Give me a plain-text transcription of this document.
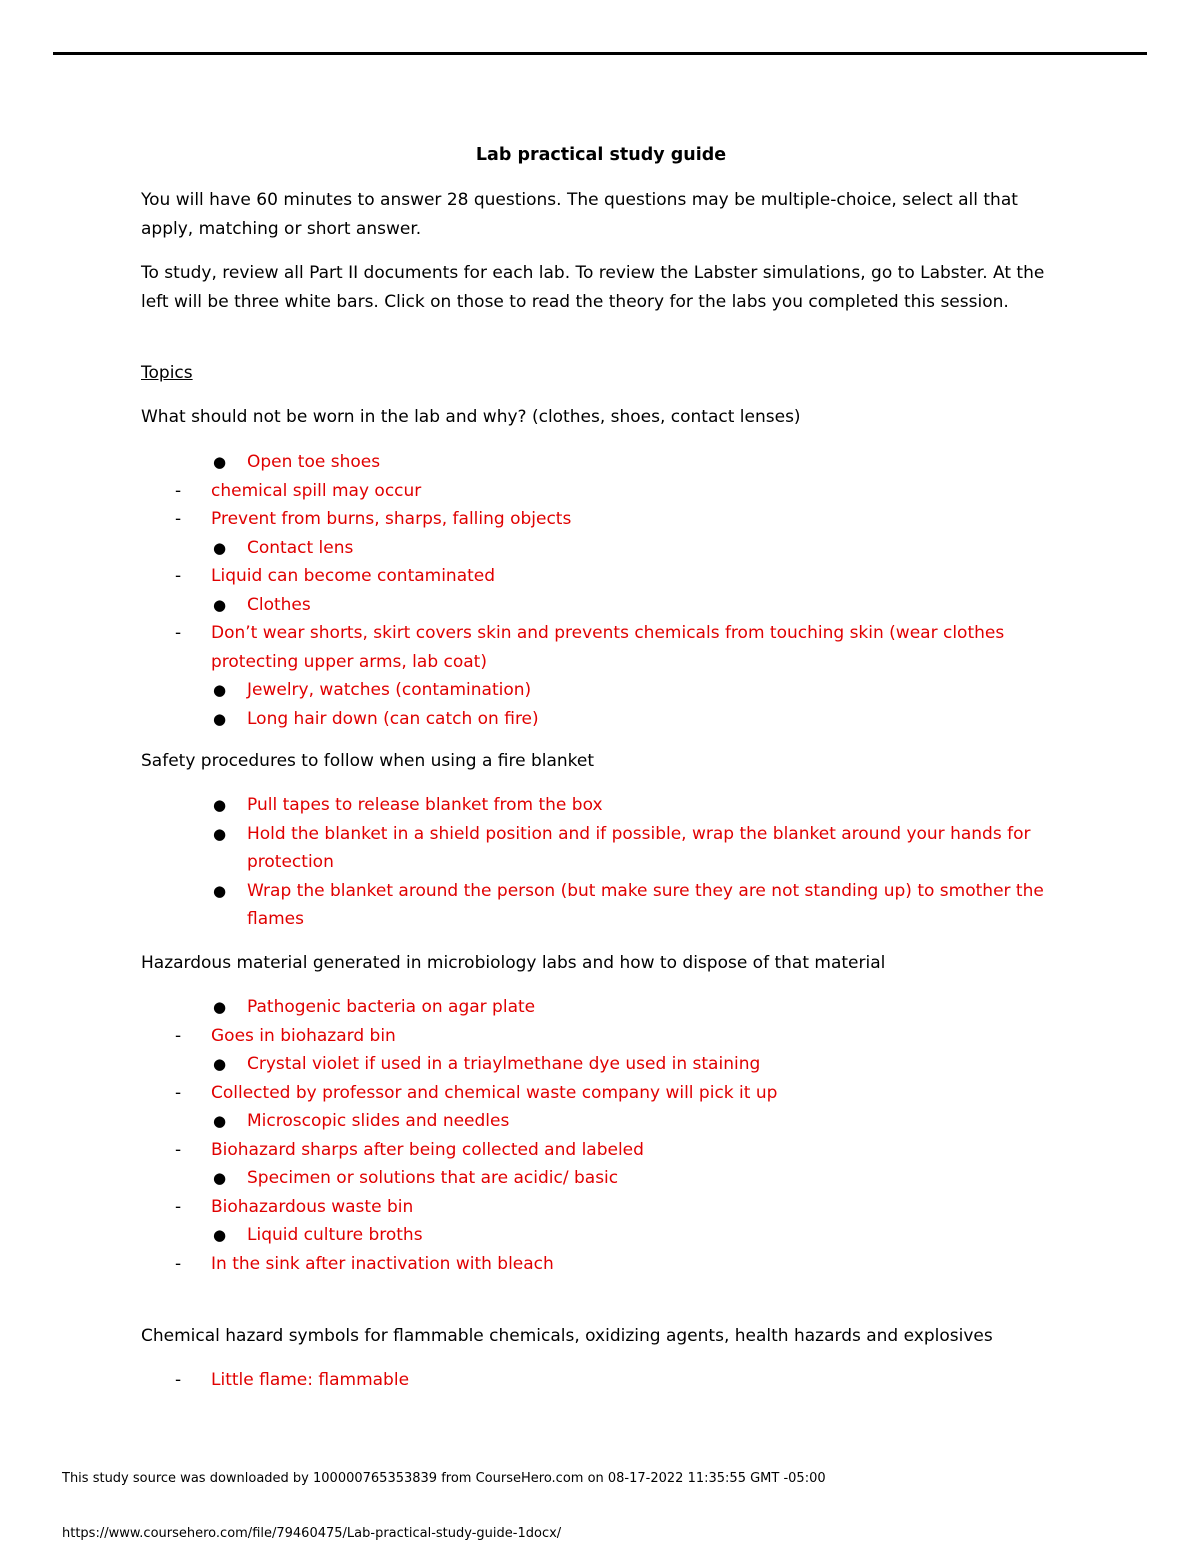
Lab practical study guide
You will have 60 minutes to answer 28 questions. The questions may be multiple-choice, select all that apply, matching or short answer.
To study, review all Part II documents for each lab. To review the Labster simulations, go to Labster. At the left will be three white bars. Click on those to read the theory for the labs you completed this session.
Topics
What should not be worn in the lab and why? (clothes, shoes, contact lenses)
● Open toe shoes
- chemical spill may occur
- Prevent from burns, sharps, falling objects
● Contact lens
- Liquid can become contaminated
● Clothes
- Don’t wear shorts, skirt covers skin and prevents chemicals from touching skin (wear clothes protecting upper arms, lab coat)
● Jewelry, watches (contamination)
● Long hair down (can catch on fire)
Safety procedures to follow when using a fire blanket
● Pull tapes to release blanket from the box
● Hold the blanket in a shield position and if possible, wrap the blanket around your hands for protection
● Wrap the blanket around the person (but make sure they are not standing up) to smother the flames
Hazardous material generated in microbiology labs and how to dispose of that material
● Pathogenic bacteria on agar plate
- Goes in biohazard bin
● Crystal violet if used in a triaylmethane dye used in staining
- Collected by professor and chemical waste company will pick it up
● Microscopic slides and needles
- Biohazard sharps after being collected and labeled
● Specimen or solutions that are acidic/ basic
- Biohazardous waste bin
● Liquid culture broths
- In the sink after inactivation with bleach
Chemical hazard symbols for flammable chemicals, oxidizing agents, health hazards and explosives
- Little flame: flammable
This study source was downloaded by 100000765353839 from CourseHero.com on 08-17-2022 11:35:55 GMT -05:00
https://www.coursehero.com/file/79460475/Lab-practical-study-guide-1docx/
